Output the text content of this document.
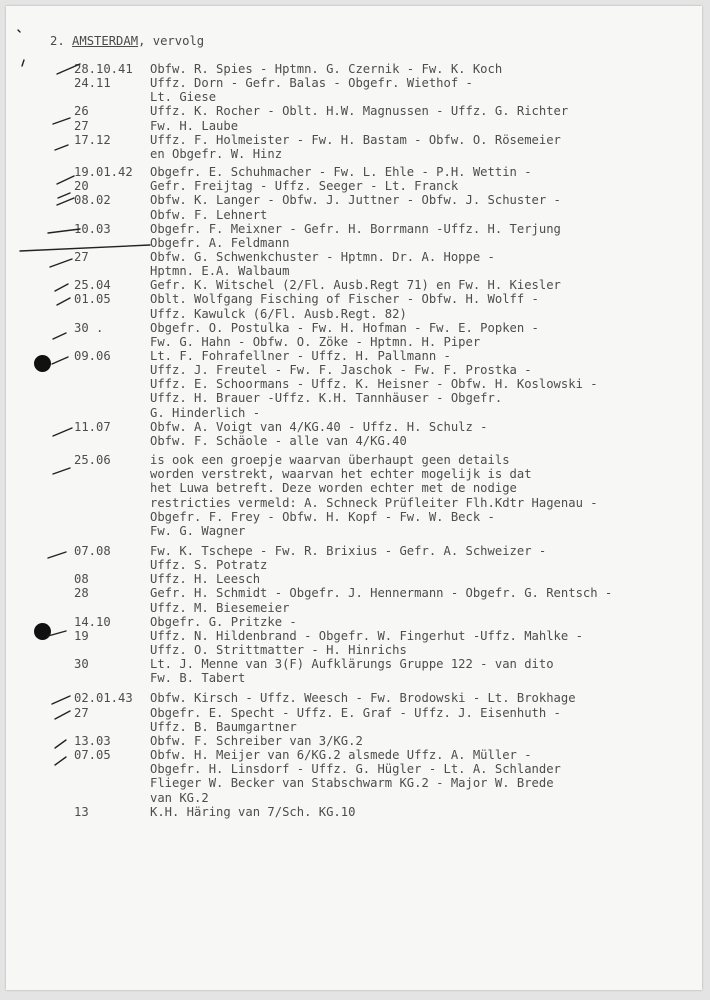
2. AMSTERDAM, vervolg
28.10.41 Obfw. R. Spies - Hptmn. G. Czernik - Fw. K. Koch
24.11	Uffz. Dorn - Gefr. Balas - Obgefr. Wiethof -
Lt. Giese
26	Uffz. K. Rocher - Oblt. H.W. Magnussen - Uffz. G. Richter
27	Fw. H. Laube
17.12	Uffz. F. Holmeister - Fw. H. Bastam - Obfw. O. Rösemeier
en Obgefr. W. Hinz
19.01.42 Obgefr. E. Schuhmacher - Fw. L. Ehle - P.H. Wettin -
20	Gefr. Freijtag - Uffz. Seeger - Lt. Franck
08.02	Obfw. K. Langer - Obfw. J. Juttner - Obfw. J. Schuster -
Obfw. F. Lehnert
10.03	Obgefr. F. Meixner - Gefr. H. Borrmann -Uffz. H. Terjung
Obgefr. A. Feldmann
27	Obfw. G. Schwenkchuster - Hptmn. Dr. A. Hoppe -
Hptmn. E.A. Walbaum
25.04	Gefr. K. Witschel (2/Fl. Ausb.Regt 71) en Fw. H. Kiesler
01.05	Oblt. Wolfgang Fisching of Fischer - Obfw. H. Wolff -
Uffz. Kawulck (6/Fl. Ausb.Regt. 82)
30 .	Obgefr. O. Postulka - Fw. H. Hofman - Fw. E. Popken -
Fw. G. Hahn - Obfw. O. Zöke - Hptmn. H. Piper
09.06	Lt. F. Fohrafellner - Uffz. H. Pallmann -
Uffz. J. Freutel - Fw. F. Jaschok - Fw. F. Prostka -
Uffz. E. Schoormans - Uffz. K. Heisner - Obfw. H. Koslowski -
Uffz. H. Brauer -Uffz. K.H. Tannhäuser - Obgefr.
G. Hinderlich -
11.07	Obfw. A. Voigt van 4/KG.40 - Uffz. H. Schulz -
Obfw. F. Schäole - alle van 4/KG.40
25.06	is ook een groepje waarvan überhaupt geen details
worden verstrekt, waarvan het echter mogelijk is dat
het Luwa betreft. Deze worden echter met de nodige
restricties vermeld: A. Schneck Prüfleiter Flh.Kdtr Hagenau -
Obgefr. F. Frey - Obfw. H. Kopf - Fw. W. Beck -
Fw. G. Wagner
07.08	Fw. K. Tschepe - Fw. R. Brixius - Gefr. A. Schweizer -
Uffz. S. Potratz
08	Uffz. H. Leesch
28	Gefr. H. Schmidt - Obgefr. J. Hennermann - Obgefr. G. Rentsch -
Uffz. M. Biesemeier
14.10	Obgefr. G. Pritzke -
19	Uffz. N. Hildenbrand - Obgefr. W. Fingerhut -Uffz. Mahlke -
Uffz. O. Strittmatter - H. Hinrichs
30	Lt. J. Menne van 3(F) Aufklärungs Gruppe 122 - van dito
Fw. B. Tabert
02.01.43 Obfw. Kirsch - Uffz. Weesch - Fw. Brodowski - Lt. Brokhage
27	Obgefr. E. Specht - Uffz. E. Graf - Uffz. J. Eisenhuth -
Uffz. B. Baumgartner
13.03	Obfw. F. Schreiber van 3/KG.2
07.05	Obfw. H. Meijer van 6/KG.2 alsmede Uffz. A. Müller -
Obgefr. H. Linsdorf - Uffz. G. Hügler - Lt. A. Schlander
Flieger W. Becker van Stabschwarm KG.2 - Major W. Brede
van KG.2
13	K.H. Häring van 7/Sch. KG.10
